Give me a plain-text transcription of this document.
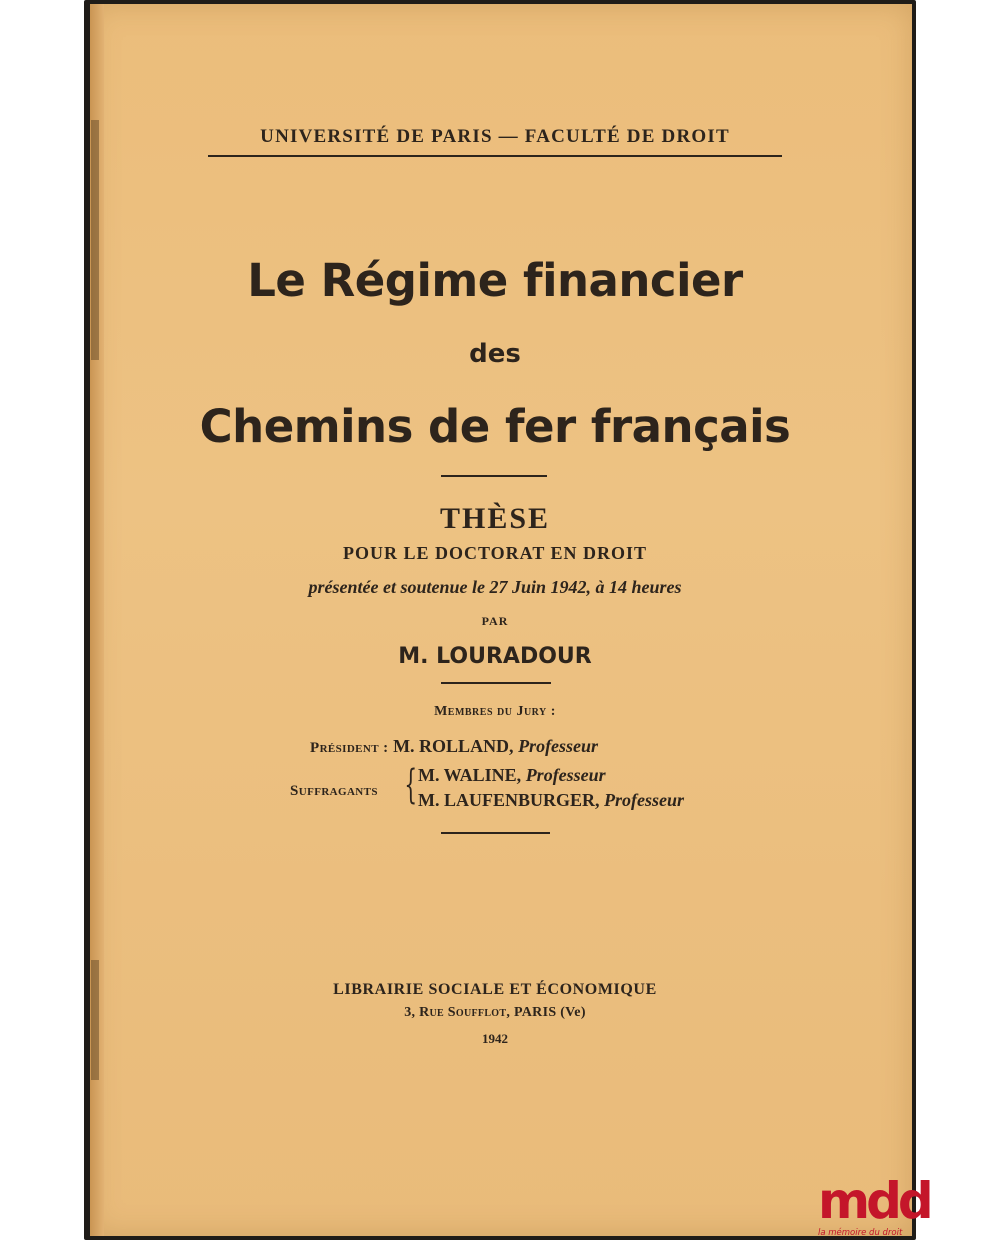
UNIVERSITÉ DE PARIS — FACULTÉ DE DROIT
Le Régime financier
des
Chemins de fer français
THÈSE
POUR LE DOCTORAT EN DROIT
présentée et soutenue le 27 Juin 1942, à 14 heures
PAR
M. LOURADOUR
Membres du Jury :
Président : M. ROLLAND, Professeur
Suffragants { M. WALINE, Professeur
M. LAUFENBURGER, Professeur
LIBRAIRIE SOCIALE ET ÉCONOMIQUE
3, Rue Soufflot, PARIS (Ve)
1942
mdd
la mémoire du droit
